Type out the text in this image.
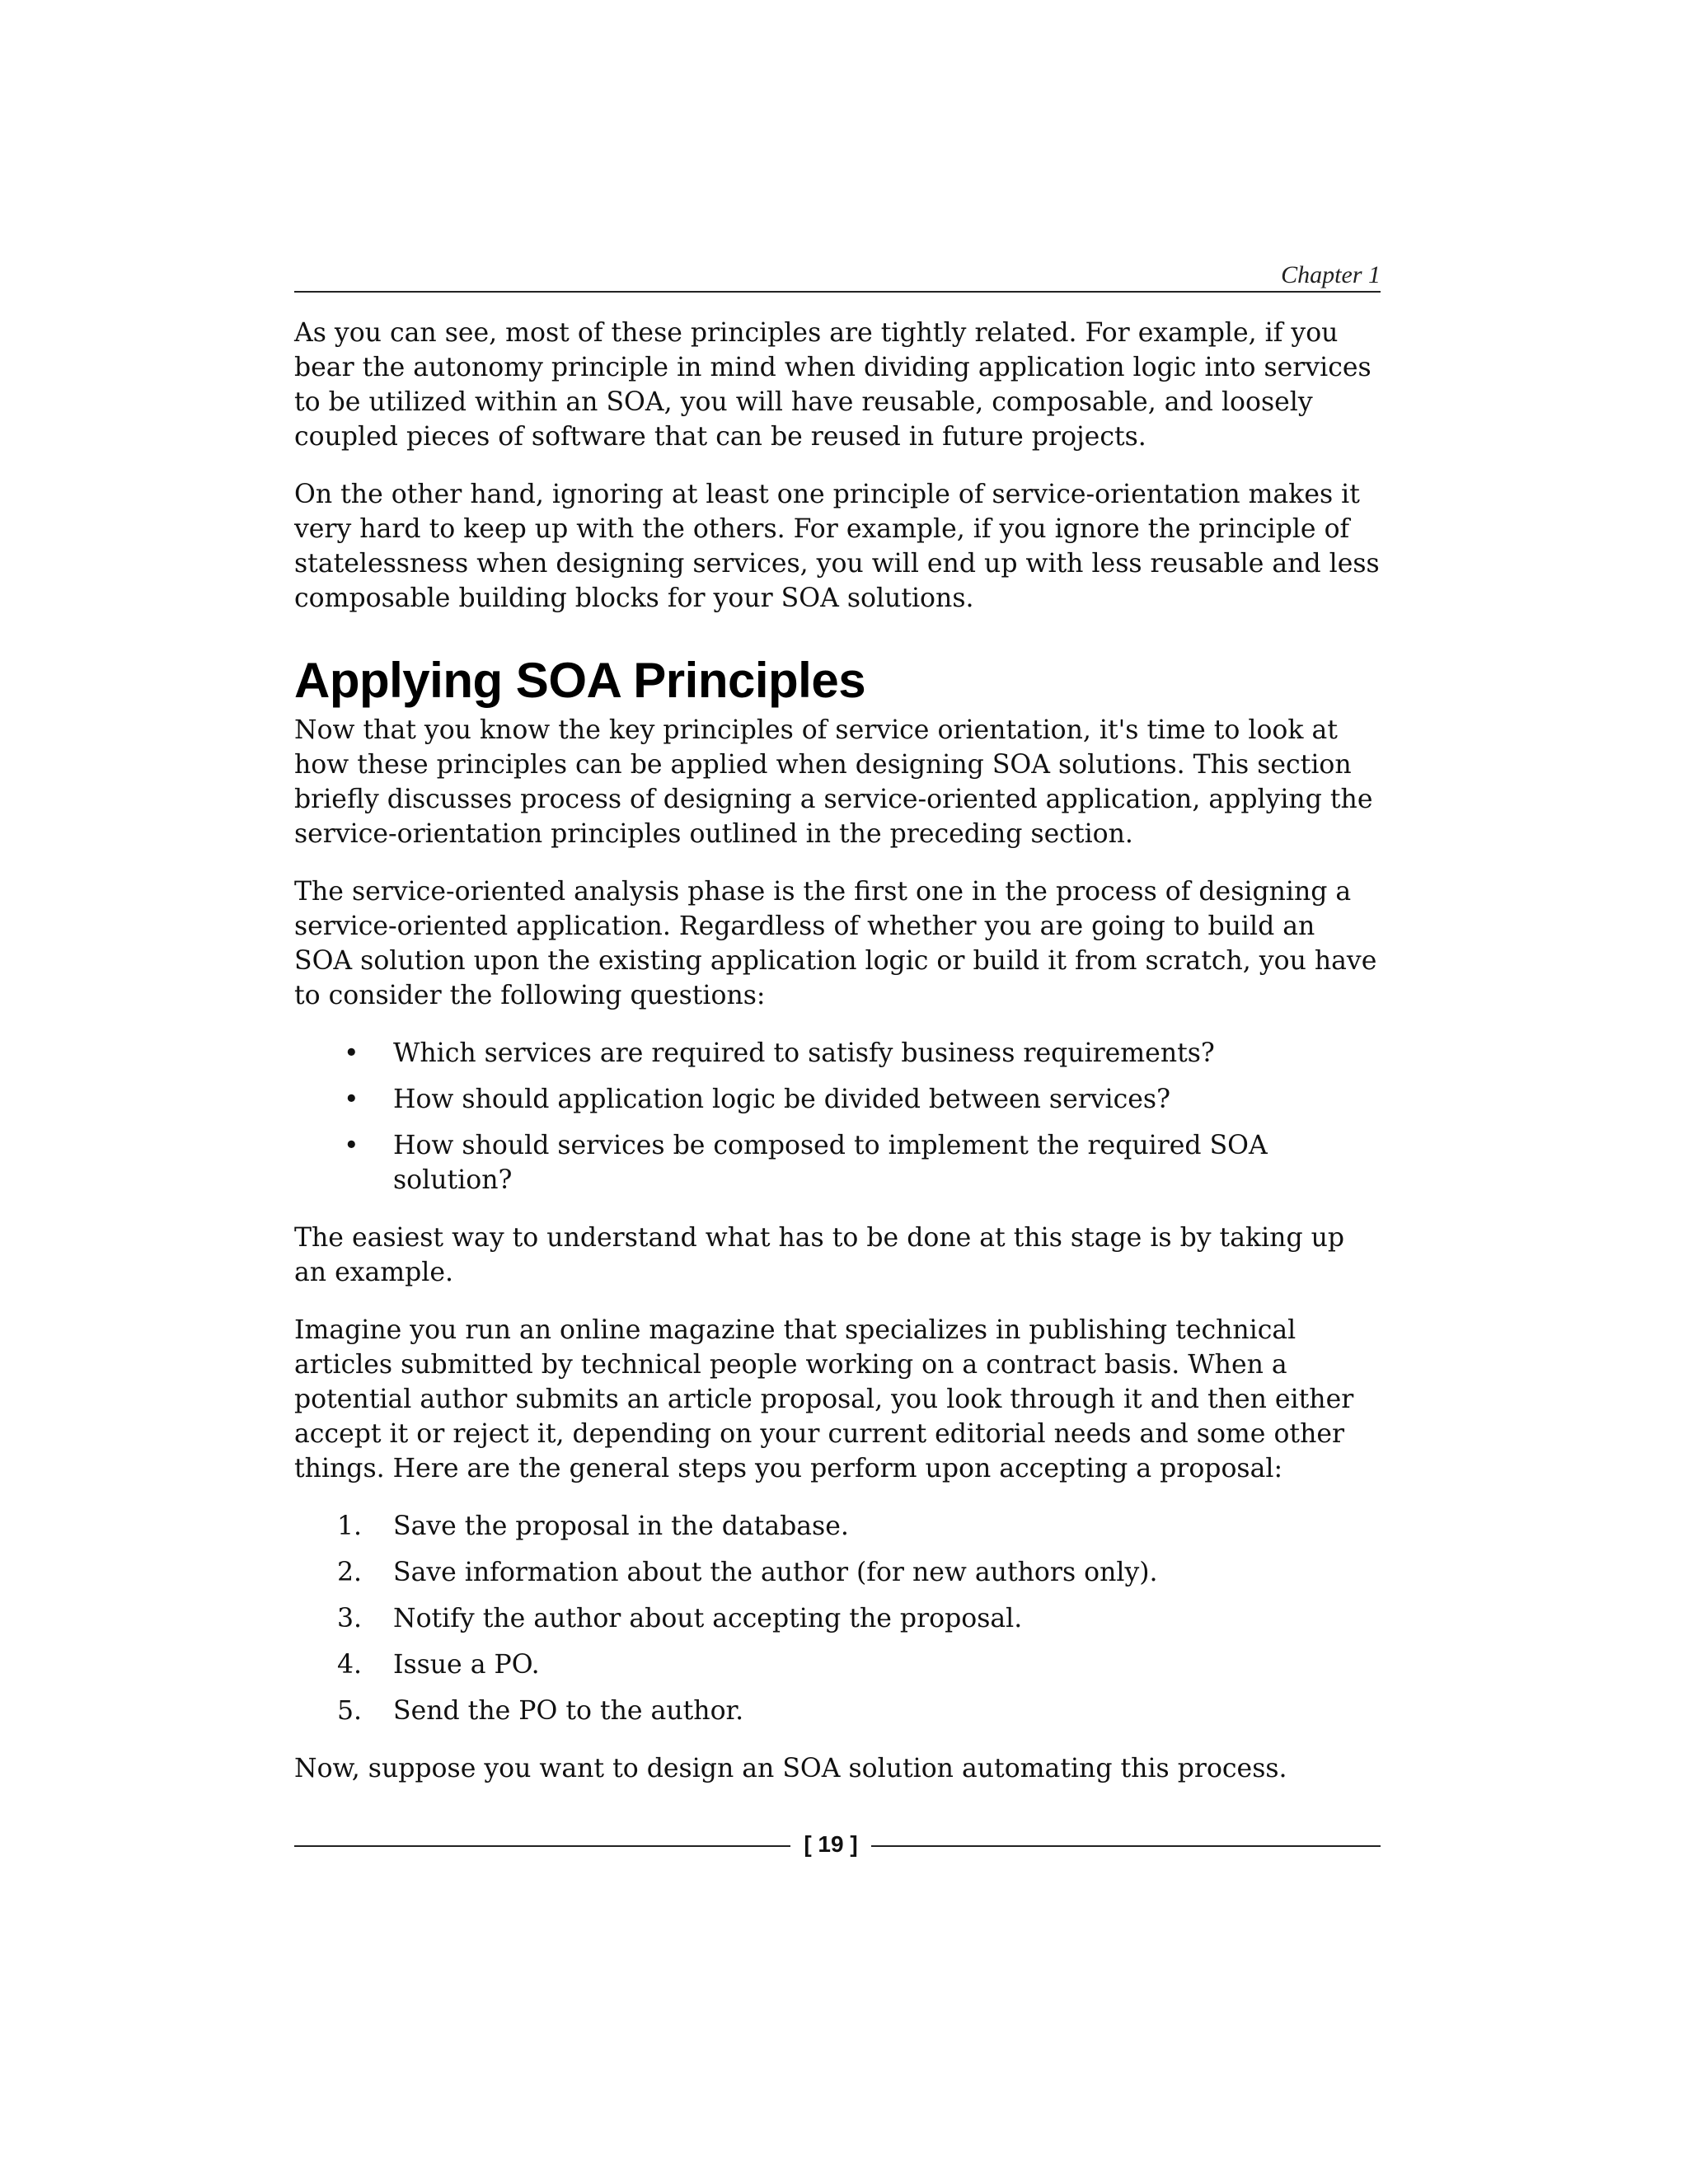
Chapter 1

As you can see, most of these principles are tightly related. For example, if you bear the autonomy principle in mind when dividing application logic into services to be utilized within an SOA, you will have reusable, composable, and loosely coupled pieces of software that can be reused in future projects.

On the other hand, ignoring at least one principle of service-orientation makes it very hard to keep up with the others. For example, if you ignore the principle of statelessness when designing services, you will end up with less reusable and less composable building blocks for your SOA solutions.

Applying SOA Principles

Now that you know the key principles of service orientation, it's time to look at how these principles can be applied when designing SOA solutions. This section briefly discusses process of designing a service-oriented application, applying the service-orientation principles outlined in the preceding section.

The service-oriented analysis phase is the first one in the process of designing a service-oriented application. Regardless of whether you are going to build an SOA solution upon the existing application logic or build it from scratch, you have to consider the following questions:

• Which services are required to satisfy business requirements?
• How should application logic be divided between services?
• How should services be composed to implement the required SOA solution?

The easiest way to understand what has to be done at this stage is by taking up an example.

Imagine you run an online magazine that specializes in publishing technical articles submitted by technical people working on a contract basis. When a potential author submits an article proposal, you look through it and then either accept it or reject it, depending on your current editorial needs and some other things. Here are the general steps you perform upon accepting a proposal:

1.	Save the proposal in the database.
2.	Save information about the author (for new authors only).
3.	Notify the author about accepting the proposal.
4.	Issue a PO.
5.	Send the PO to the author.

Now, suppose you want to design an SOA solution automating this process.

[ 19 ]
